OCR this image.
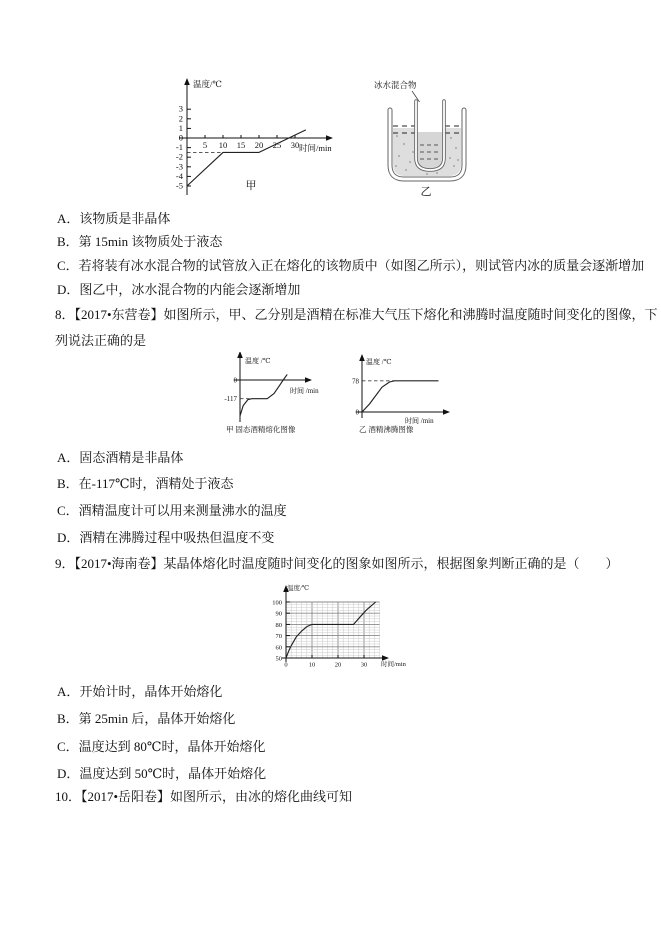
5 10 15 20 25 30
3
2
1
0
-1
-2
-3
-4
-5
温度/℃
时间/min
甲
冰水混合物
乙
A．该物质是非晶体
B．第 15min 该物质处于液态
C．若将装有冰水混合物的试管放入正在熔化的该物质中（如图乙所示），则试管内冰的质量会逐渐增加
D．图乙中，冰水混合物的内能会逐渐增加
8．【2017•东营卷】如图所示，甲、乙分别是酒精在标准大气压下熔化和沸腾时温度随时间变化的图像，下
列说法正确的是
0
-117
温度 /℃
时间 /min
甲 固态酒精熔化图像
78
0
温度 /℃
时间 /min
乙 酒精沸腾图像
A．固态酒精是非晶体
B．在-117℃时，酒精处于液态
C．酒精温度计可以用来测量沸水的温度
D．酒精在沸腾过程中吸热但温度不变
9．【2017•海南卷】某晶体熔化时温度随时间变化的图象如图所示，根据图象判断正确的是（　　）
0	10	20	30
50
60
70
80
90
100
温度/℃
时间/min
A．开始计时，晶体开始熔化
B．第 25min 后，晶体开始熔化
C．温度达到 80℃时，晶体开始熔化
D．温度达到 50℃时，晶体开始熔化
10．【2017•岳阳卷】如图所示，由冰的熔化曲线可知
